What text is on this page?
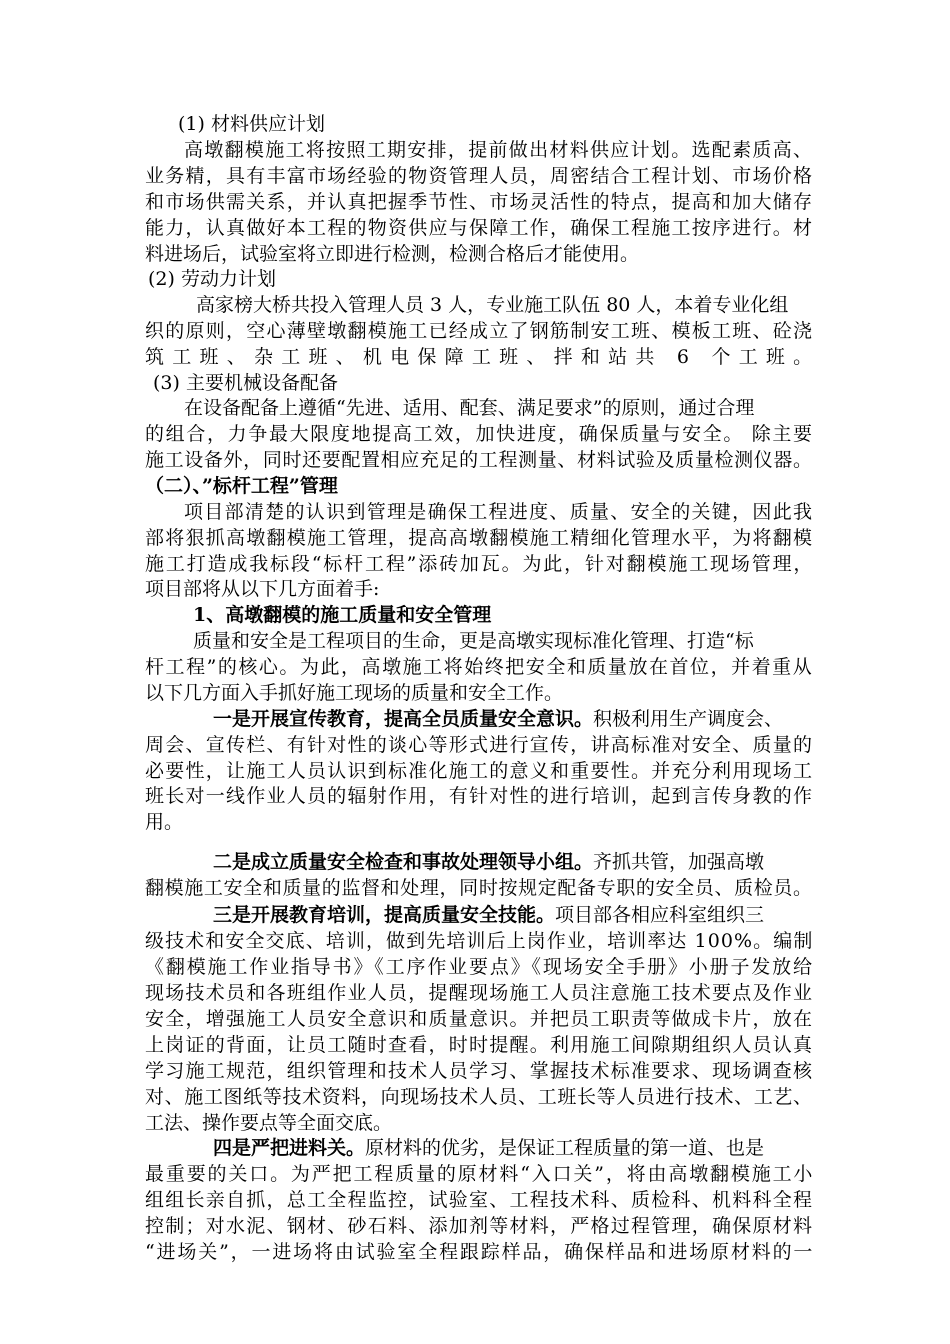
(1) 材料供应计划
高墩翻模施工将按照工期安排，提前做出材料供应计划。选配素质高、
业务精，具有丰富市场经验的物资管理人员，周密结合工程计划、市场价格
和市场供需关系，并认真把握季节性、市场灵活性的特点，提高和加大储存
能力，认真做好本工程的物资供应与保障工作，确保工程施工按序进行。材
料进场后，试验室将立即进行检测，检测合格后才能使用。
(2) 劳动力计划
高家榜大桥共投入管理人员 3 人，专业施工队伍 80 人，本着专业化组
织的原则，空心薄壁墩翻模施工已经成立了钢筋制安工班、模板工班、砼浇
筑工班、杂工班、机电保障工班、拌和站共 6 个工班。
(3) 主要机械设备配备
在设备配备上遵循“先进、适用、配套、满足要求”的原则，通过合理
的组合，力争最大限度地提高工效，加快进度，确保质量与安全。 除主要
施工设备外，同时还要配置相应充足的工程测量、材料试验及质量检测仪器。
（二）、”标杆工程”管理
项目部清楚的认识到管理是确保工程进度、质量、安全的关键，因此我
部将狠抓高墩翻模施工管理，提高高墩翻模施工精细化管理水平，为将翻模
施工打造成我标段“标杆工程”添砖加瓦。为此，针对翻模施工现场管理，
项目部将从以下几方面着手:
1、高墩翻模的施工质量和安全管理
质量和安全是工程项目的生命，更是高墩实现标准化管理、打造“标
杆工程”的核心。为此，高墩施工将始终把安全和质量放在首位，并着重从
以下几方面入手抓好施工现场的质量和安全工作。
一是开展宣传教育，提高全员质量安全意识。积极利用生产调度会、
周会、宣传栏、有针对性的谈心等形式进行宣传，讲高标准对安全、质量的
必要性，让施工人员认识到标准化施工的意义和重要性。并充分利用现场工
班长对一线作业人员的辐射作用，有针对性的进行培训，起到言传身教的作
用。
二是成立质量安全检查和事故处理领导小组。齐抓共管，加强高墩
翻模施工安全和质量的监督和处理，同时按规定配备专职的安全员、质检员。
三是开展教育培训，提高质量安全技能。项目部各相应科室组织三
级技术和安全交底、培训，做到先培训后上岗作业，培训率达 100%。编制
《翻模施工作业指导书》《工序作业要点》《现场安全手册》小册子发放给
现场技术员和各班组作业人员，提醒现场施工人员注意施工技术要点及作业
安全，增强施工人员安全意识和质量意识。并把员工职责等做成卡片，放在
上岗证的背面，让员工随时查看，时时提醒。利用施工间隙期组织人员认真
学习施工规范，组织管理和技术人员学习、掌握技术标准要求、现场调查核
对、施工图纸等技术资料，向现场技术人员、工班长等人员进行技术、工艺、
工法、操作要点等全面交底。
四是严把进料关。原材料的优劣，是保证工程质量的第一道、也是
最重要的关口。为严把工程质量的原材料“入口关”，将由高墩翻模施工小
组组长亲自抓，总工全程监控，试验室、工程技术科、质检科、机料科全程
控制；对水泥、钢材、砂石料、添加剂等材料，严格过程管理，确保原材料
“进场关”，一进场将由试验室全程跟踪样品，确保样品和进场原材料的一
